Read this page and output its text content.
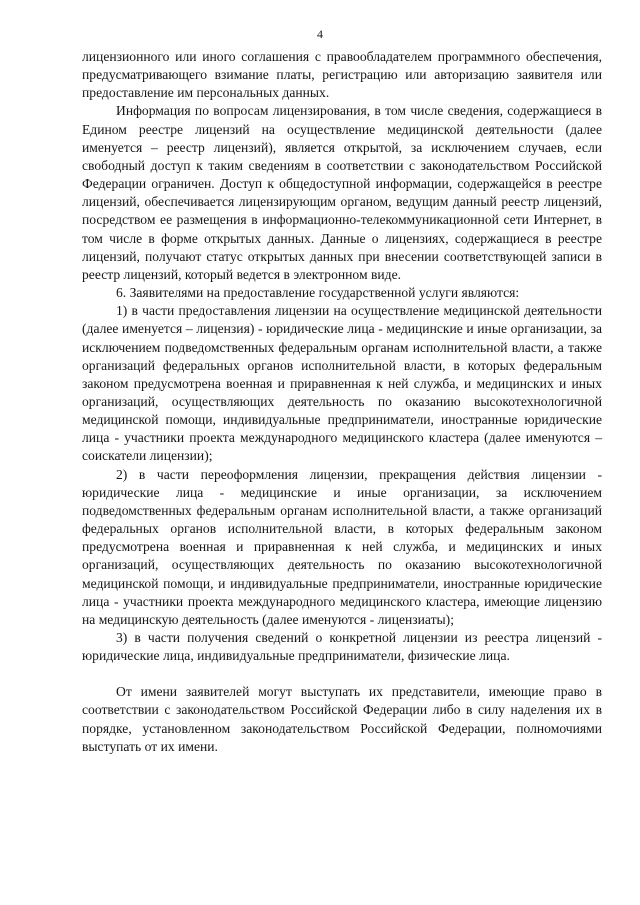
4

лицензионного или иного соглашения с правообладателем программного обеспечения, предусматривающего взимание платы, регистрацию или авторизацию заявителя или предоставление им персональных данных.

Информация по вопросам лицензирования, в том числе сведения, содержащиеся в Едином реестре лицензий на осуществление медицинской деятельности (далее именуется – реестр лицензий), является открытой, за исключением случаев, если свободный доступ к таким сведениям в соответствии с законодательством Российской Федерации ограничен. Доступ к общедоступной информации, содержащейся в реестре лицензий, обеспечивается лицензирующим органом, ведущим данный реестр лицензий, посредством ее размещения в информационно-телекоммуникационной сети Интернет, в том числе в форме открытых данных. Данные о лицензиях, содержащиеся в реестре лицензий, получают статус открытых данных при внесении соответствующей записи в реестр лицензий, который ведется в электронном виде.

6. Заявителями на предоставление государственной услуги являются:

1) в части предоставления лицензии на осуществление медицинской деятельности (далее именуется – лицензия) - юридические лица - медицинские и иные организации, за исключением подведомственных федеральным органам исполнительной власти, а также организаций федеральных органов исполнительной власти, в которых федеральным законом предусмотрена военная и приравненная к ней служба, и медицинских и иных организаций, осуществляющих деятельность по оказанию высокотехнологичной медицинской помощи, индивидуальные предприниматели, иностранные юридические лица - участники проекта международного медицинского кластера (далее именуются – соискатели лицензии);

2) в части переоформления лицензии, прекращения действия лицензии - юридические лица - медицинские и иные организации, за исключением подведомственных федеральным органам исполнительной власти, а также организаций федеральных органов исполнительной власти, в которых федеральным законом предусмотрена военная и приравненная к ней служба, и медицинских и иных организаций, осуществляющих деятельность по оказанию высокотехнологичной медицинской помощи, и индивидуальные предприниматели, иностранные юридические лица - участники проекта международного медицинского кластера, имеющие лицензию на медицинскую деятельность (далее именуются - лицензиаты);

3) в части получения сведений о конкретной лицензии из реестра лицензий - юридические лица, индивидуальные предприниматели, физические лица.

От имени заявителей могут выступать их представители, имеющие право в соответствии с законодательством Российской Федерации либо в силу наделения их в порядке, установленном законодательством Российской Федерации, полномочиями выступать от их имени.
